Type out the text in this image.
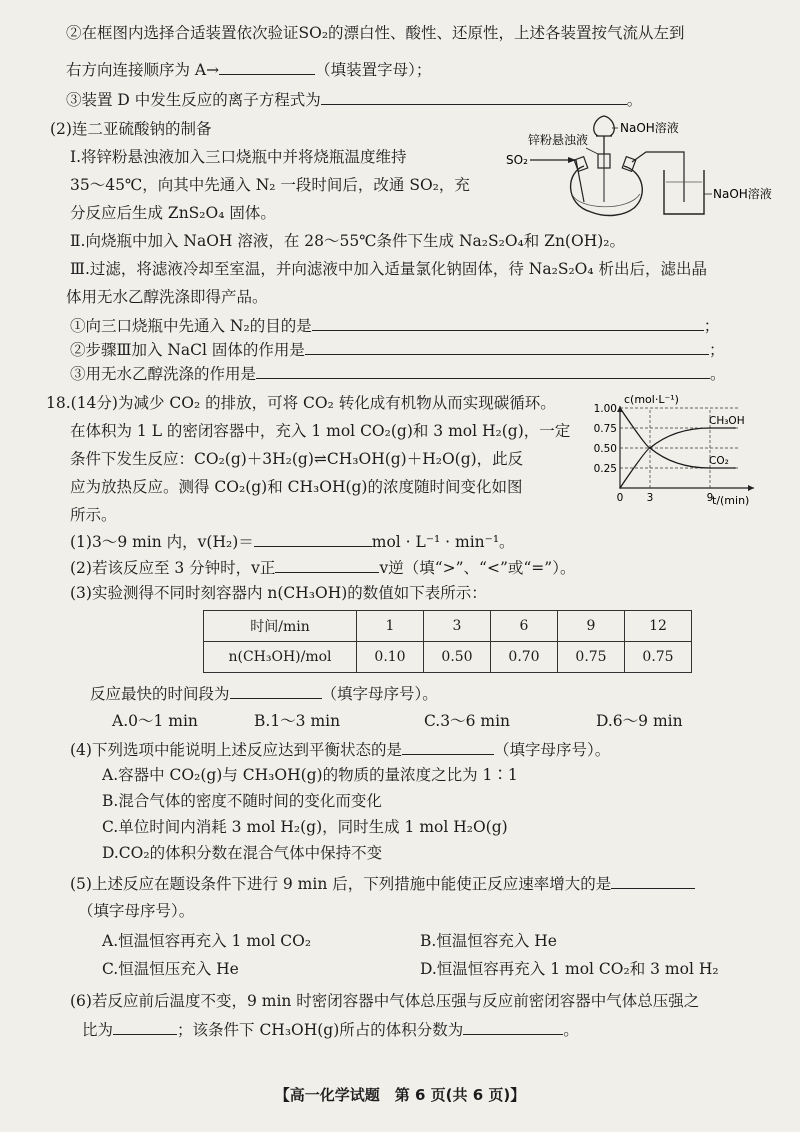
②在框图内选择合适装置依次验证SO₂的漂白性、酸性、还原性，上述各装置按气流从左到
右方向连接顺序为 A→	（填装置字母）；
③装置 D 中发生反应的离子方程式为	。
(2)连二亚硫酸钠的制备
Ⅰ.将锌粉悬浊液加入三口烧瓶中并将烧瓶温度维持
35～45℃，向其中先通入 N₂ 一段时间后，改通 SO₂，充
分反应后生成 ZnS₂O₄ 固体。
Ⅱ.向烧瓶中加入 NaOH 溶液，在 28～55℃条件下生成 Na₂S₂O₄和 Zn(OH)₂。
Ⅲ.过滤，将滤液冷却至室温，并向滤液中加入适量氯化钠固体，待 Na₂S₂O₄ 析出后，滤出晶
体用无水乙醇洗涤即得产品。
①向三口烧瓶中先通入 N₂的目的是	；
②步骤Ⅲ加入 NaCl 固体的作用是	；
③用无水乙醇洗涤的作用是	。
锌粉悬浊液
NaOH溶液
SO₂
NaOH溶液
18.(14分)为减少 CO₂ 的排放，可将 CO₂ 转化成有机物从而实现碳循环。
在体积为 1 L 的密闭容器中，充入 1 mol CO₂(g)和 3 mol H₂(g)，一定
条件下发生反应：CO₂(g)＋3H₂(g)⇌CH₃OH(g)＋H₂O(g)，此反
应为放热反应。测得 CO₂(g)和 CH₃OH(g)的浓度随时间变化如图
所示。
c(mol·L⁻¹)
t/(min)
1.00
0.75
0.50
0.25
0 3	9
CH₃OH
CO₂
(1)3～9 min 内，v(H₂)＝	mol · L⁻¹ · min⁻¹。
(2)若该反应至 3 分钟时，v正	v逆（填“>”、“<”或“=”）。
(3)实验测得不同时刻容器内 n(CH₃OH)的数值如下表所示：
时间/min	1	3	6	9	12
n(CH₃OH)/mol	0.10	0.50	0.70	0.75	0.75
反应最快的时间段为	（填字母序号）。
A.0～1 min	B.1～3 min	C.3～6 min	D.6～9 min
(4)下列选项中能说明上述反应达到平衡状态的是	（填字母序号）。
A.容器中 CO₂(g)与 CH₃OH(g)的物质的量浓度之比为 1∶1
B.混合气体的密度不随时间的变化而变化
C.单位时间内消耗 3 mol H₂(g)，同时生成 1 mol H₂O(g)
D.CO₂的体积分数在混合气体中保持不变
(5)上述反应在题设条件下进行 9 min 后，下列措施中能使正反应速率增大的是
（填字母序号）。
A.恒温恒容再充入 1 mol CO₂	B.恒温恒容充入 He
C.恒温恒压充入 He	D.恒温恒容再充入 1 mol CO₂和 3 mol H₂
(6)若反应前后温度不变，9 min 时密闭容器中气体总压强与反应前密闭容器中气体总压强之
比为	；该条件下 CH₃OH(g)所占的体积分数为	。
【高一化学试题　第 6 页(共 6 页)】
